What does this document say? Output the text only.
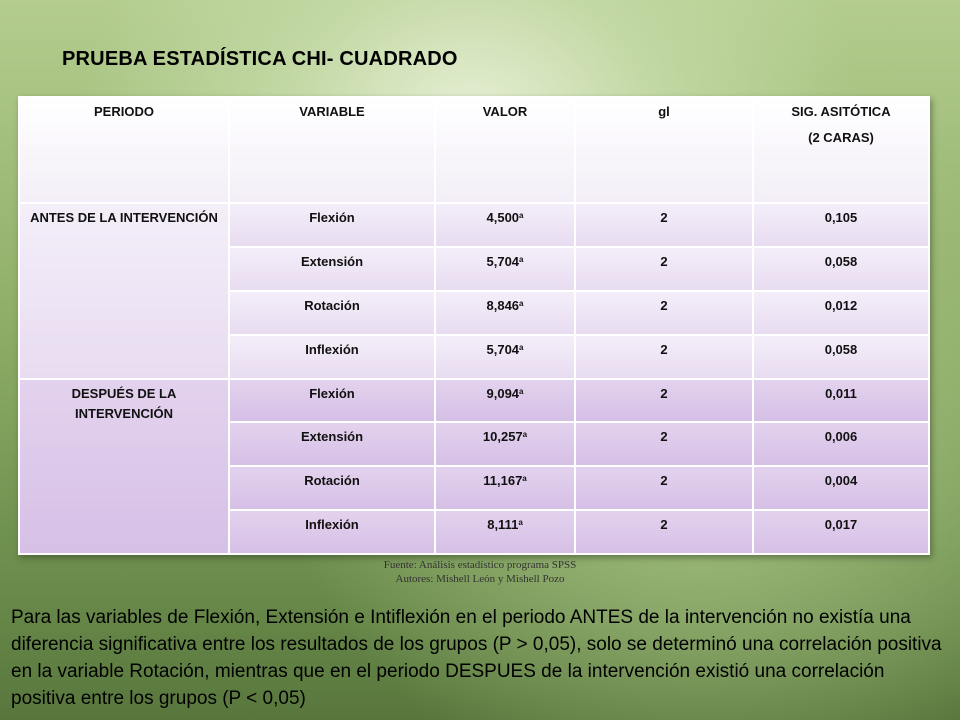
PRUEBA ESTADÍSTICA CHI- CUADRADO
PERIODO	VARIABLE	VALOR	gl	SIG. ASITÓTICA
(2 CARAS)

ANTES DE LA INTERVENCIÓN	Flexión	4,500$^a$	2	0,105
	Extensión	5,704$^a$	2	0,058
	Rotación	8,846$^a$	2	0,012
	Inflexión	5,704$^a$	2	0,058
DESPUÉS DE LA INTERVENCIÓN	Flexión	9,094$^a$	2	0,011
	Extensión	10,257$^a$	2	0,006
	Rotación	11,167$^a$	2	0,004
	Inflexión	8,111$^a$	2	0,017
Fuente: Análisis estadístico programa SPSS
Autores: Mishell León y Mishell Pozo
Para las variables de Flexión, Extensión e Intiflexión en el periodo ANTES de la intervención no existía una diferencia significativa entre los resultados de los grupos (P > 0,05), solo se determinó una correlación positiva en la variable Rotación, mientras que en el periodo DESPUES de la intervención existió una correlación positiva entre los grupos (P < 0,05)
